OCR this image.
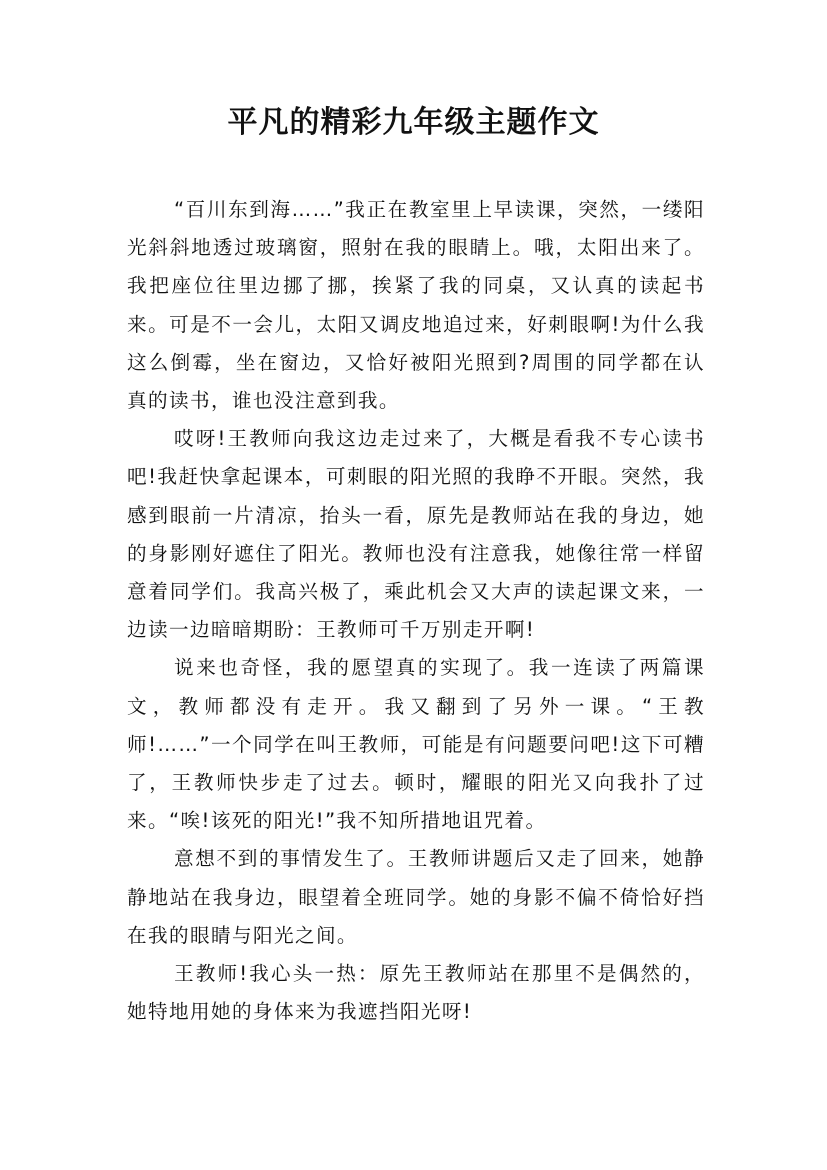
平凡的精彩九年级主题作文

“百川东到海……”我正在教室里上早读课，突然，一缕阳光斜斜地透过玻璃窗，照射在我的眼睛上。哦，太阳出来了。我把座位往里边挪了挪，挨紧了我的同桌，又认真的读起书来。可是不一会儿，太阳又调皮地追过来，好刺眼啊!为什么我这么倒霉，坐在窗边，又恰好被阳光照到?周围的同学都在认真的读书，谁也没注意到我。

哎呀!王教师向我这边走过来了，大概是看我不专心读书吧!我赶快拿起课本，可刺眼的阳光照的我睁不开眼。突然，我感到眼前一片清凉，抬头一看，原先是教师站在我的身边，她的身影刚好遮住了阳光。教师也没有注意我，她像往常一样留意着同学们。我高兴极了，乘此机会又大声的读起课文来，一边读一边暗暗期盼：王教师可千万别走开啊!

说来也奇怪，我的愿望真的实现了。我一连读了两篇课文，教师都没有走开。我又翻到了另外一课。“王教师!……”一个同学在叫王教师，可能是有问题要问吧!这下可糟了，王教师快步走了过去。顿时，耀眼的阳光又向我扑了过来。“唉!该死的阳光!”我不知所措地诅咒着。

意想不到的事情发生了。王教师讲题后又走了回来，她静静地站在我身边，眼望着全班同学。她的身影不偏不倚恰好挡在我的眼睛与阳光之间。

王教师!我心头一热：原先王教师站在那里不是偶然的，她特地用她的身体来为我遮挡阳光呀!
